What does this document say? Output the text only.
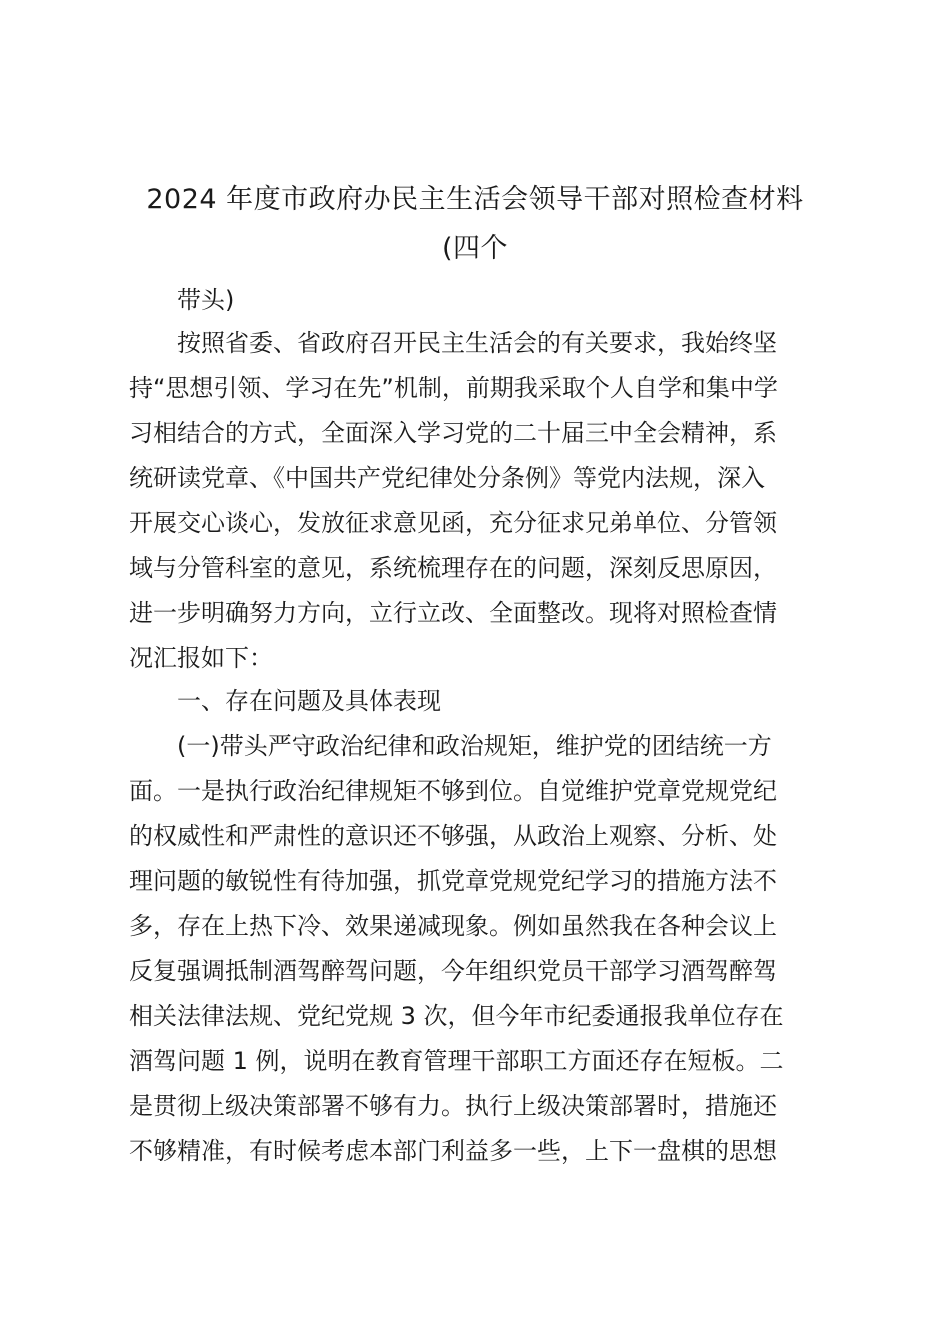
2024 年度市政府办民主生活会领导干部对照检查材料
(四个
带头)
按照省委、省政府召开民主生活会的有关要求，我始终坚
持“思想引领、学习在先”机制，前期我采取个人自学和集中学
习相结合的方式，全面深入学习党的二十届三中全会精神，系
统研读党章、《中国共产党纪律处分条例》等党内法规，深入
开展交心谈心，发放征求意见函，充分征求兄弟单位、分管领
域与分管科室的意见，系统梳理存在的问题，深刻反思原因，
进一步明确努力方向，立行立改、全面整改。现将对照检查情
况汇报如下：
一、存在问题及具体表现
(一)带头严守政治纪律和政治规矩，维护党的团结统一方
面。一是执行政治纪律规矩不够到位。自觉维护党章党规党纪
的权威性和严肃性的意识还不够强，从政治上观察、分析、处
理问题的敏锐性有待加强，抓党章党规党纪学习的措施方法不
多，存在上热下冷、效果递减现象。例如虽然我在各种会议上
反复强调抵制酒驾醉驾问题，今年组织党员干部学习酒驾醉驾
相关法律法规、党纪党规 3 次，但今年市纪委通报我单位存在
酒驾问题 1 例，说明在教育管理干部职工方面还存在短板。二
是贯彻上级决策部署不够有力。执行上级决策部署时，措施还
不够精准，有时候考虑本部门利益多一些，上下一盘棋的思想
